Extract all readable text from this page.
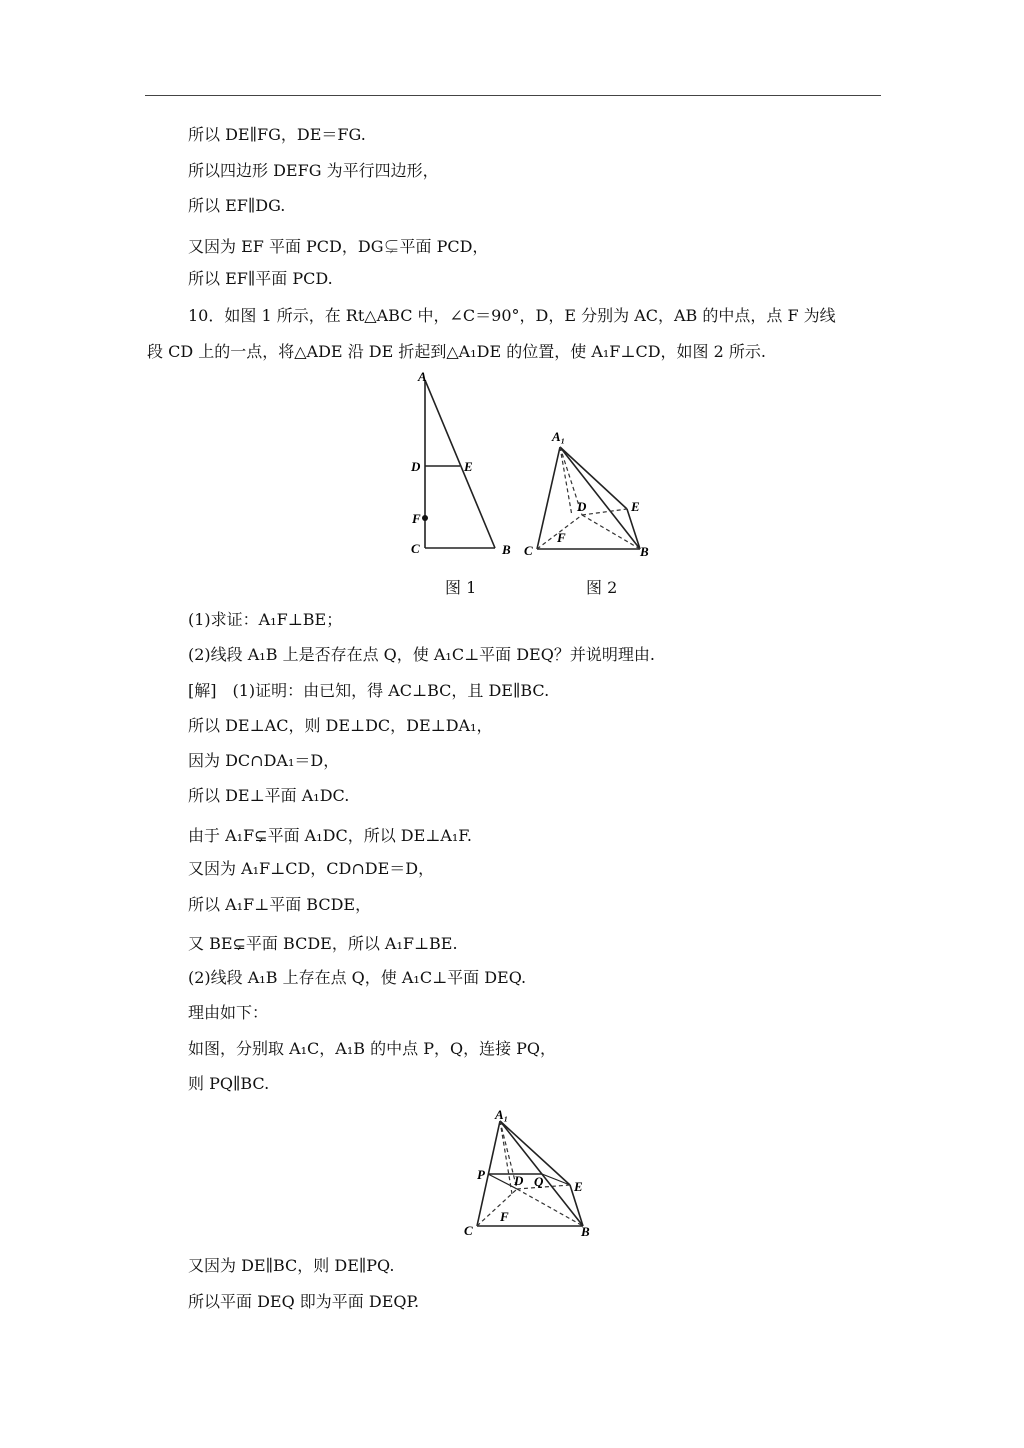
所以 DE∥FG，DE＝FG.
所以四边形 DEFG 为平行四边形，
所以 EF∥DG.
又因为 EF 平面 PCD，DG⊊平面 PCD，
所以 EF∥平面 PCD.
10．如图 1 所示，在 Rt△ABC 中，∠C＝90°，D，E 分别为 AC，AB 的中点，点 F 为线
段 CD 上的一点，将△ADE 沿 DE 折起到△A₁DE 的位置，使 A₁F⊥CD，如图 2 所示.
A
D	E
F
C	B
A₁
D	E
F
C	B
图 1	图 2
(1)求证：A₁F⊥BE；
(2)线段 A₁B 上是否存在点 Q，使 A₁C⊥平面 DEQ？并说明理由.
[解]　(1)证明：由已知，得 AC⊥BC，且 DE∥BC.
所以 DE⊥AC，则 DE⊥DC，DE⊥DA₁，
因为 DC∩DA₁＝D，
所以 DE⊥平面 A₁DC.
由于 A₁F⊊平面 A₁DC，所以 DE⊥A₁F.
又因为 A₁F⊥CD，CD∩DE＝D，
所以 A₁F⊥平面 BCDE，
又 BE⊊平面 BCDE，所以 A₁F⊥BE.
(2)线段 A₁B 上存在点 Q，使 A₁C⊥平面 DEQ.
理由如下：
如图，分别取 A₁C，A₁B 的中点 P，Q，连接 PQ，
则 PQ∥BC.
A₁
P D Q E
F
C	B
又因为 DE∥BC，则 DE∥PQ.
所以平面 DEQ 即为平面 DEQP.
